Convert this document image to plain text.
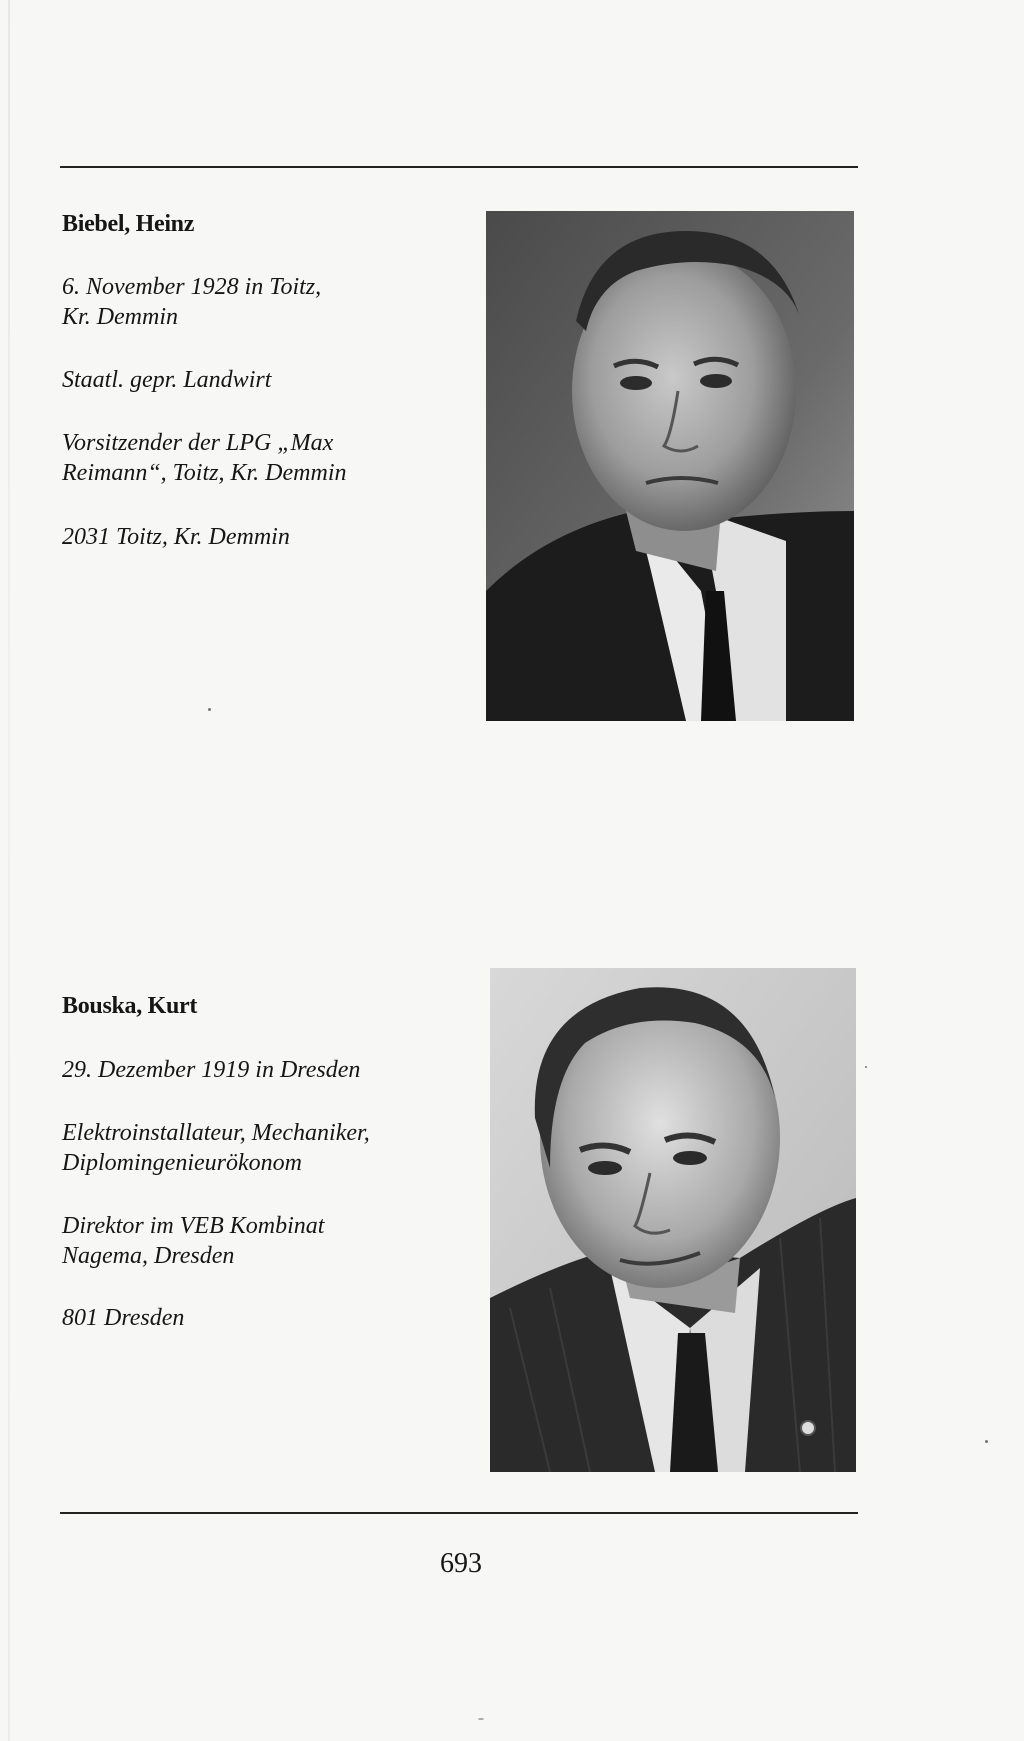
Biebel, Heinz

6. November 1928 in Toitz,
Kr. Demmin

Staatl. gepr. Landwirt

Vorsitzender der LPG „Max
Reimann“, Toitz, Kr. Demmin

2031 Toitz, Kr. Demmin

Bouska, Kurt

29. Dezember 1919 in Dresden

Elektroinstallateur, Mechaniker,
Diplomingenieurökonom

Direktor im VEB Kombinat
Nagema, Dresden

801 Dresden

693
